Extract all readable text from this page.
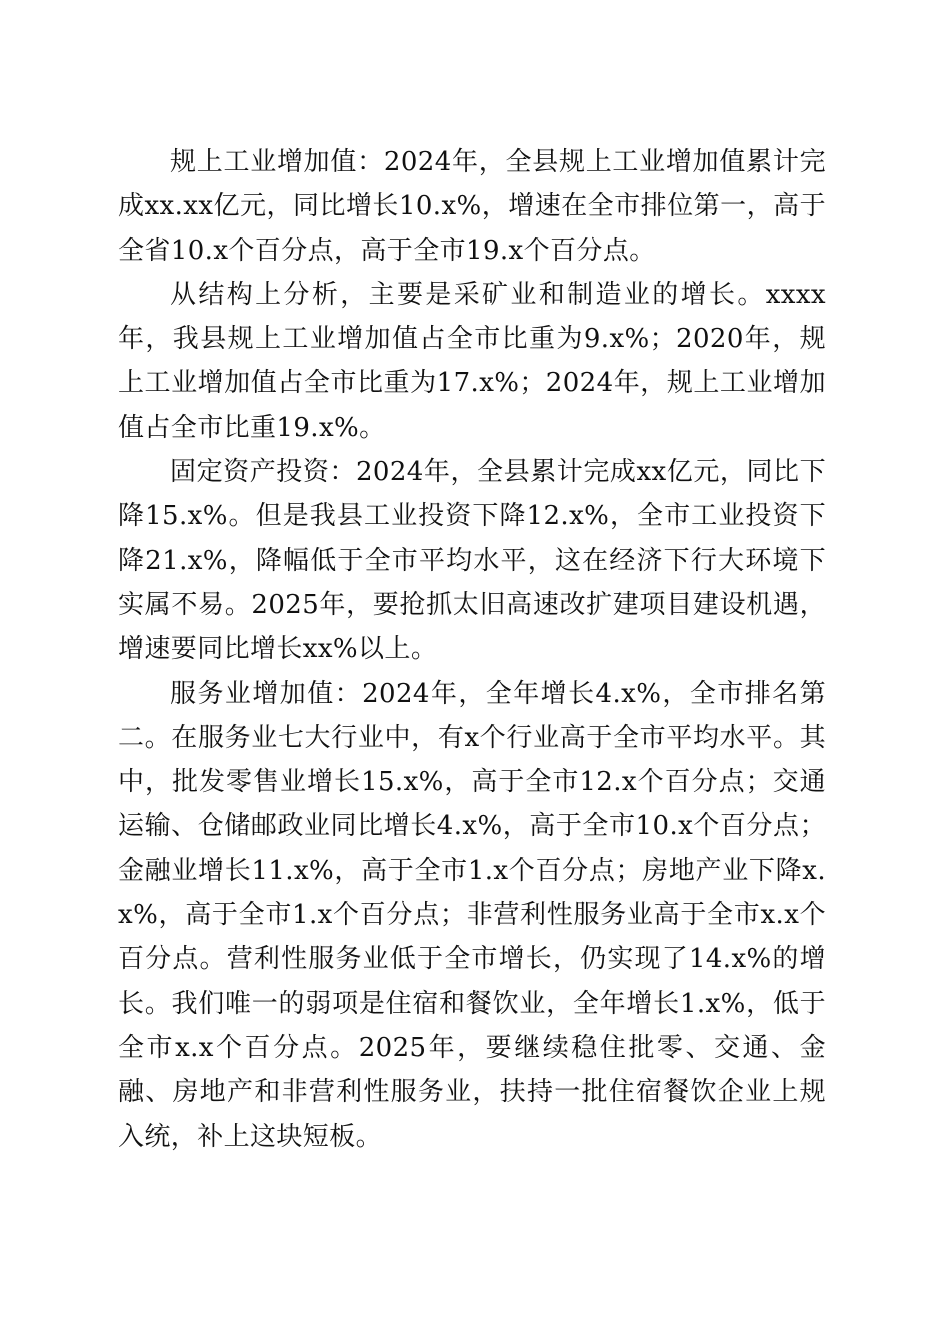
规上工业增加值：2024年，全县规上工业增加值累计完成xx.xx亿元，同比增长10.x%，增速在全市排位第一，高于全省10.x个百分点，高于全市19.x个百分点。

从结构上分析，主要是采矿业和制造业的增长。xxxx年，我县规上工业增加值占全市比重为9.x%；2020年，规上工业增加值占全市比重为17.x%；2024年，规上工业增加值占全市比重19.x%。

固定资产投资：2024年，全县累计完成xx亿元，同比下降15.x%。但是我县工业投资下降12.x%，全市工业投资下降21.x%，降幅低于全市平均水平，这在经济下行大环境下实属不易。2025年，要抢抓太旧高速改扩建项目建设机遇，增速要同比增长xx%以上。

服务业增加值：2024年，全年增长4.x%，全市排名第二。在服务业七大行业中，有x个行业高于全市平均水平。其中，批发零售业增长15.x%，高于全市12.x个百分点；交通运输、仓储邮政业同比增长4.x%，高于全市10.x个百分点；金融业增长11.x%，高于全市1.x个百分点；房地产业下降x.x%，高于全市1.x个百分点；非营利性服务业高于全市x.x个百分点。营利性服务业低于全市增长，仍实现了14.x%的增长。我们唯一的弱项是住宿和餐饮业，全年增长1.x%，低于全市x.x个百分点。2025年，要继续稳住批零、交通、金融、房地产和非营利性服务业，扶持一批住宿餐饮企业上规入统，补上这块短板。
